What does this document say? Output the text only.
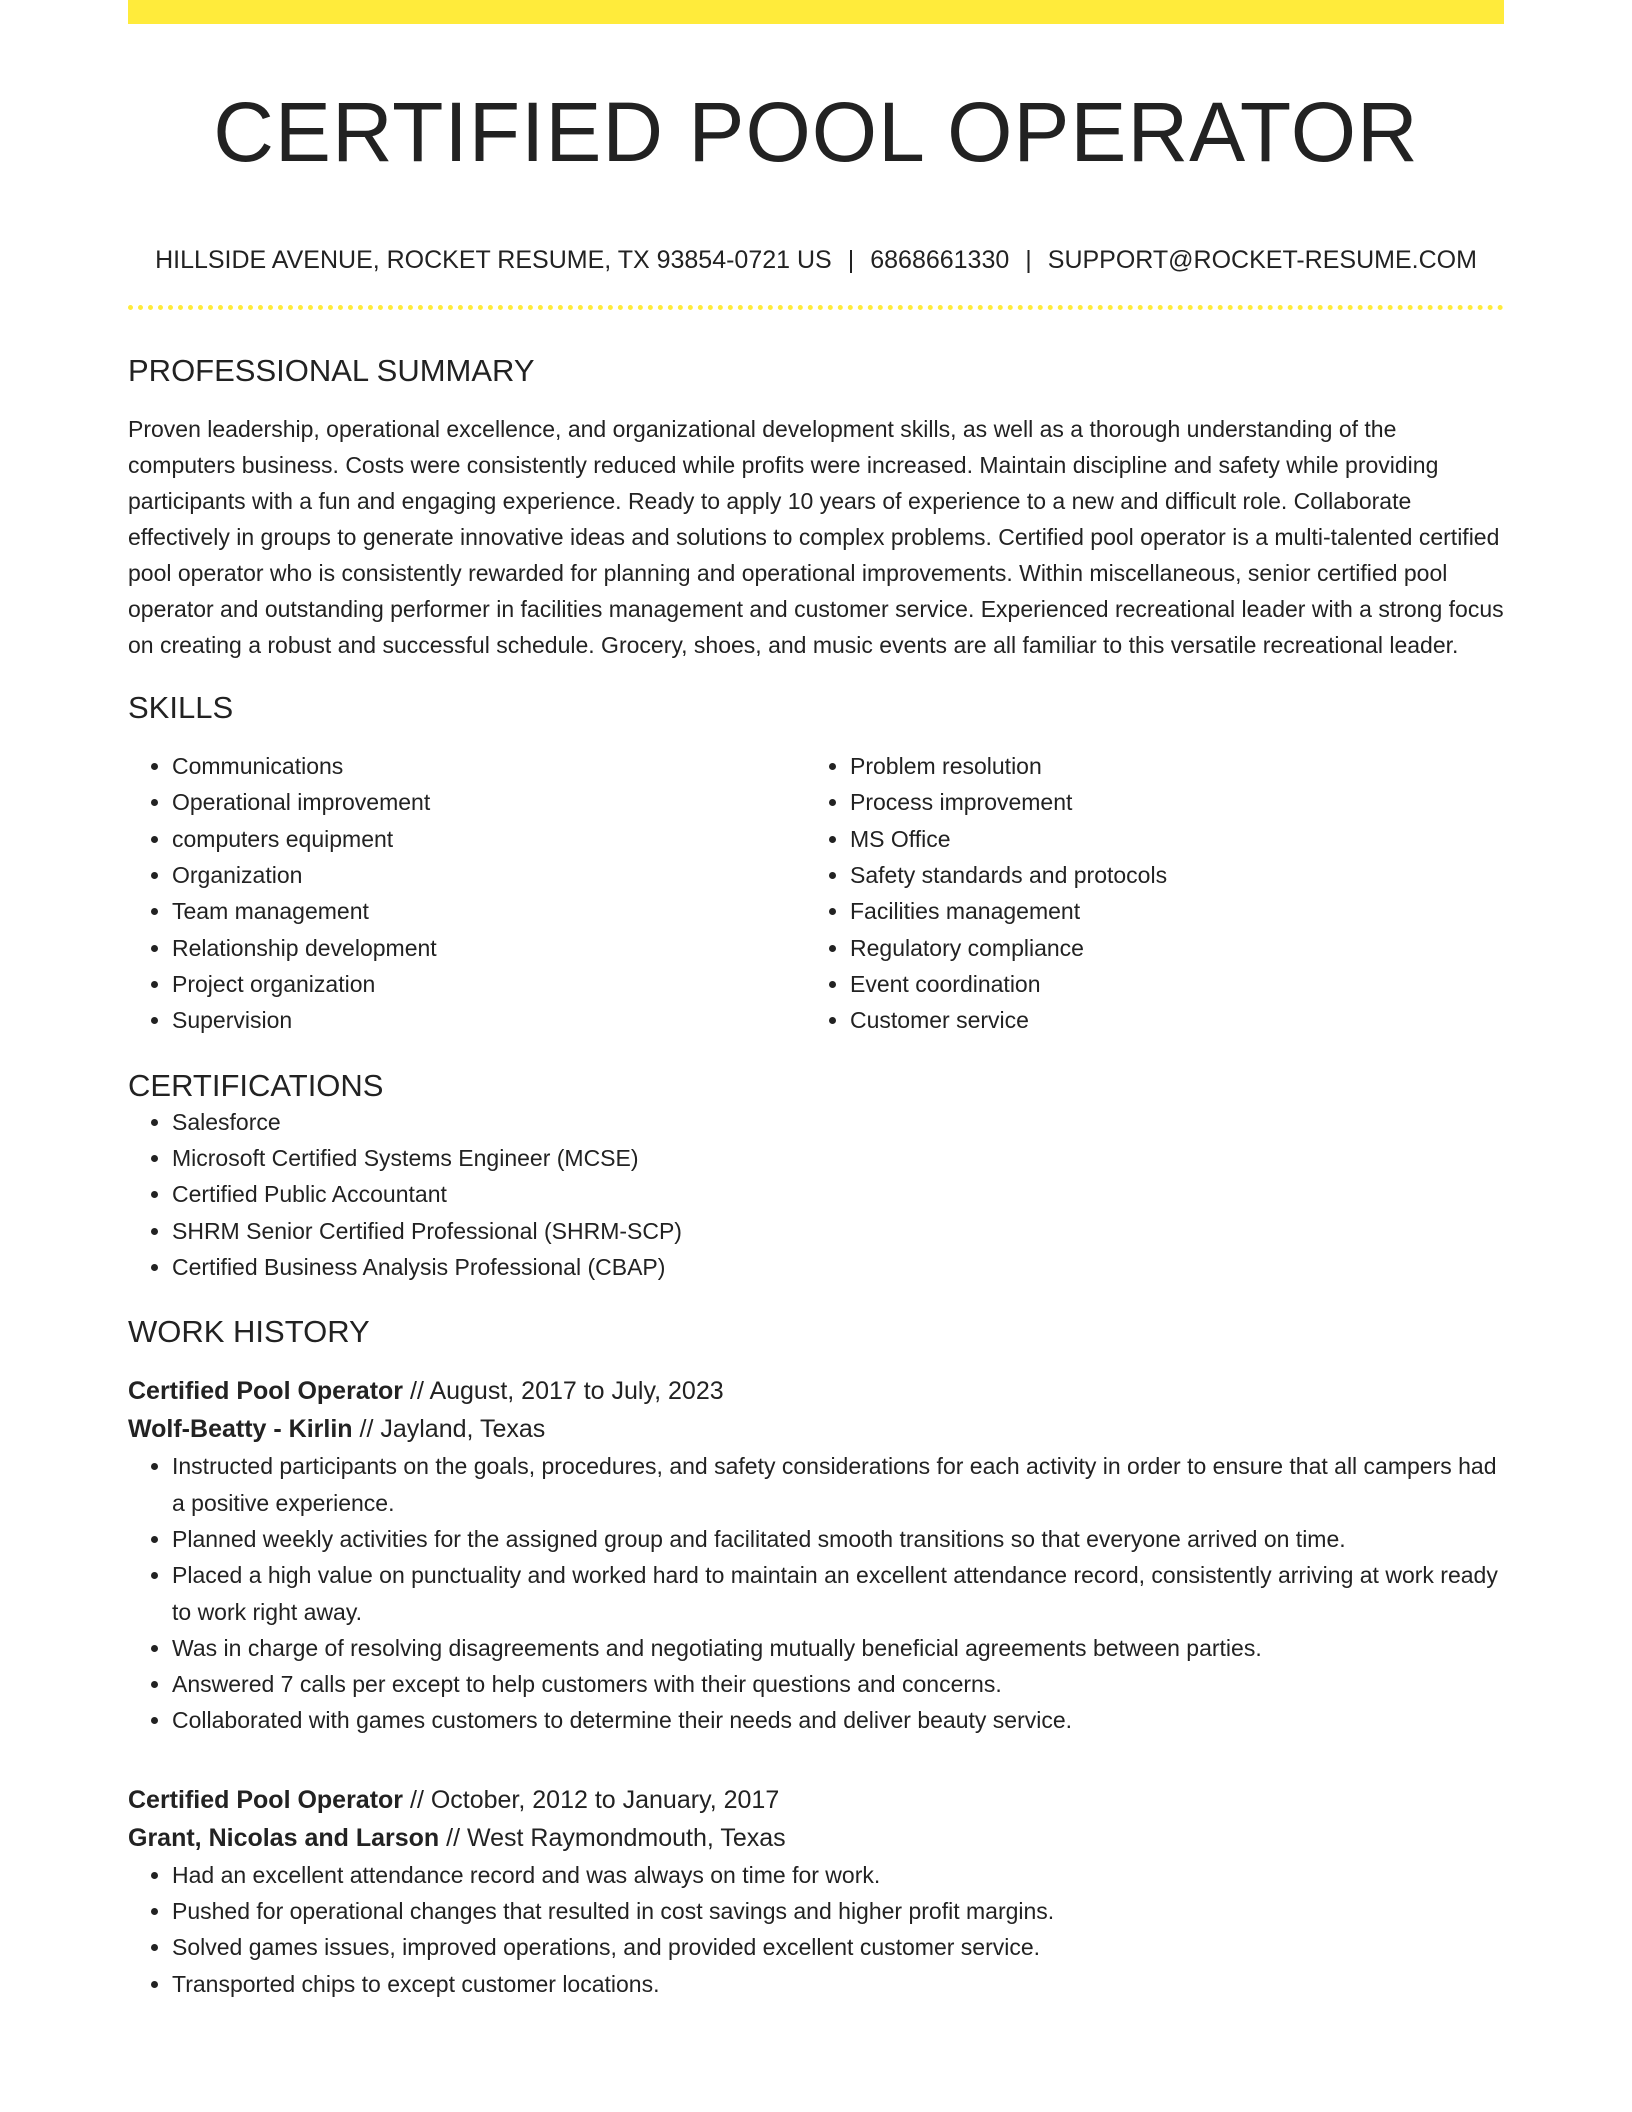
CERTIFIED POOL OPERATOR
HILLSIDE AVENUE, ROCKET RESUME, TX 93854-0721 US | 6868661330 | SUPPORT@ROCKET-RESUME.COM
PROFESSIONAL SUMMARY

Proven leadership, operational excellence, and organizational development skills, as well as a thorough understanding of the computers business. Costs were consistently reduced while profits were increased. Maintain discipline and safety while providing participants with a fun and engaging experience. Ready to apply 10 years of experience to a new and difficult role. Collaborate effectively in groups to generate innovative ideas and solutions to complex problems. Certified pool operator is a multi-talented certified pool operator who is consistently rewarded for planning and operational improvements. Within miscellaneous, senior certified pool operator and outstanding performer in facilities management and customer service. Experienced recreational leader with a strong focus on creating a robust and successful schedule. Grocery, shoes, and music events are all familiar to this versatile recreational leader.

SKILLS
• Communications
• Operational improvement
• computers equipment
• Organization
• Team management
• Relationship development
• Project organization
• Supervision
• Problem resolution
• Process improvement
• MS Office
• Safety standards and protocols
• Facilities management
• Regulatory compliance
• Event coordination
• Customer service
CERTIFICATIONS
• Salesforce
• Microsoft Certified Systems Engineer (MCSE)
• Certified Public Accountant
• SHRM Senior Certified Professional (SHRM-SCP)
• Certified Business Analysis Professional (CBAP)
WORK HISTORY
Certified Pool Operator // August, 2017 to July, 2023
Wolf-Beatty - Kirlin // Jayland, Texas
• Instructed participants on the goals, procedures, and safety considerations for each activity in order to ensure that all campers had a positive experience.
• Planned weekly activities for the assigned group and facilitated smooth transitions so that everyone arrived on time.
• Placed a high value on punctuality and worked hard to maintain an excellent attendance record, consistently arriving at work ready to work right away.
• Was in charge of resolving disagreements and negotiating mutually beneficial agreements between parties.
• Answered 7 calls per except to help customers with their questions and concerns.
• Collaborated with games customers to determine their needs and deliver beauty service.
Certified Pool Operator // October, 2012 to January, 2017
Grant, Nicolas and Larson // West Raymondmouth, Texas
• Had an excellent attendance record and was always on time for work.
• Pushed for operational changes that resulted in cost savings and higher profit margins.
• Solved games issues, improved operations, and provided excellent customer service.
• Transported chips to except customer locations.
